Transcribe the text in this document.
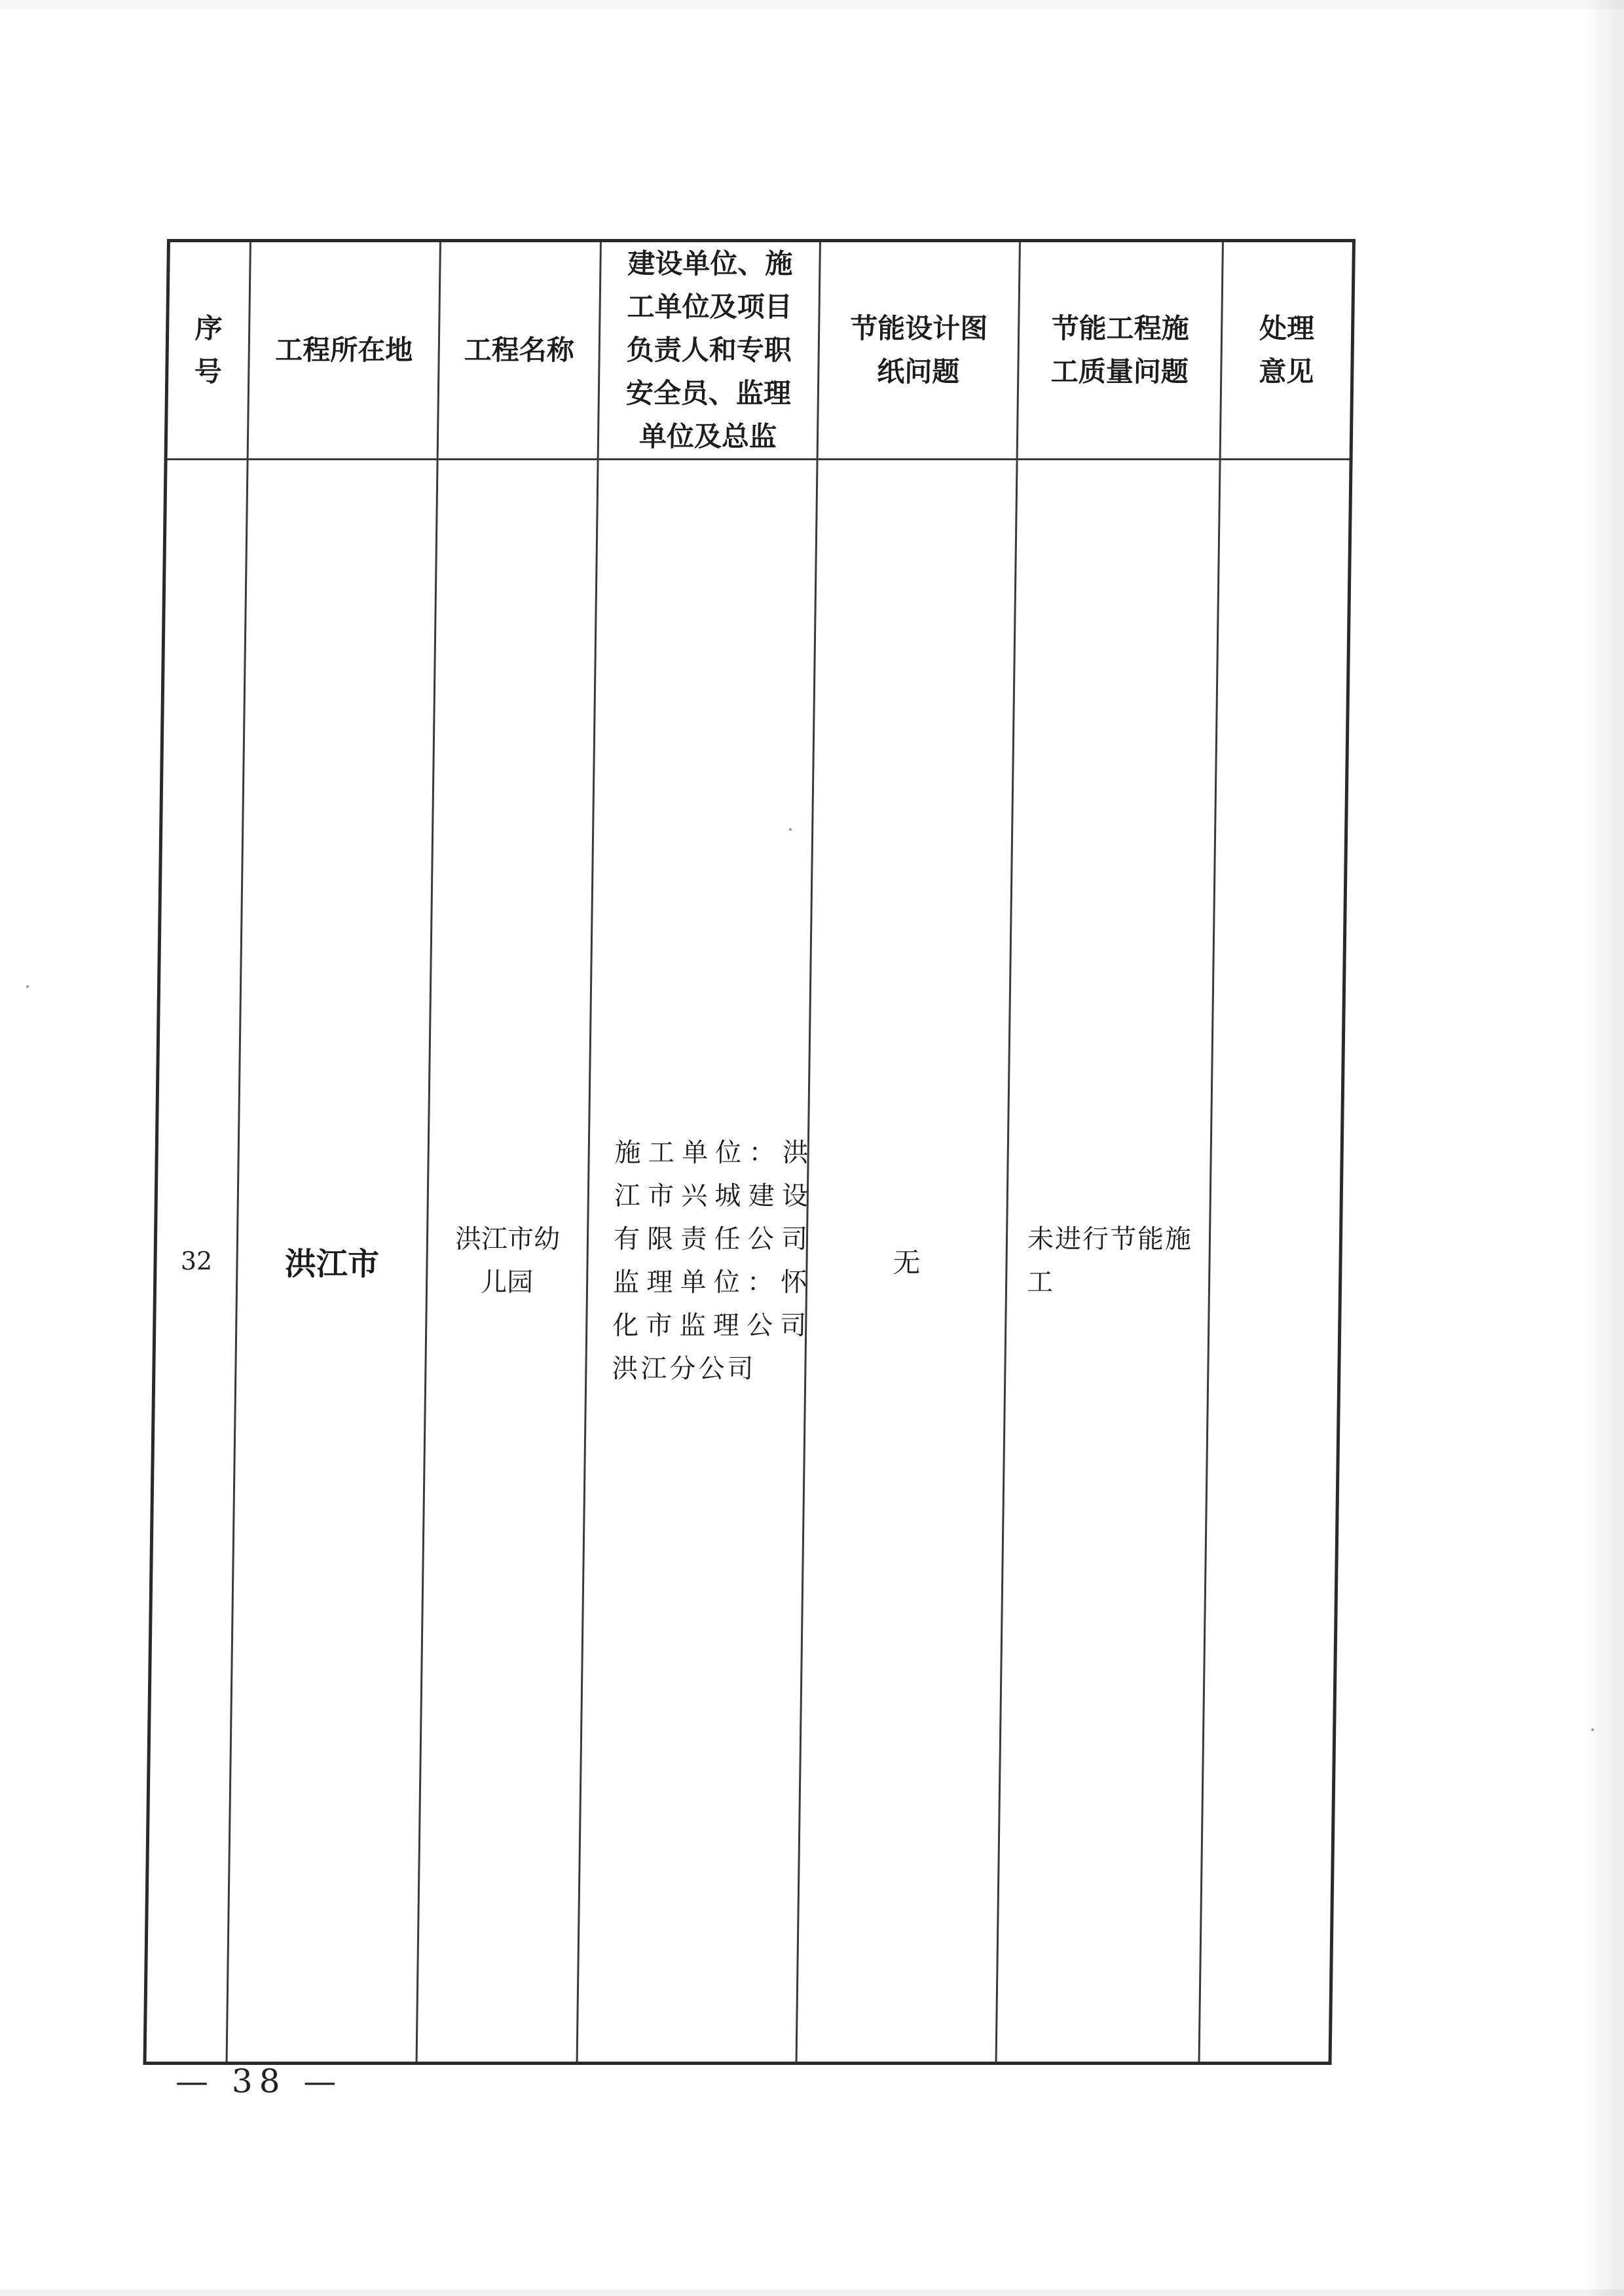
序号	工程所在地	工程名称	建设单位、施工单位及项目负责人和专职安全员、监理单位及总监	节能设计图纸问题	节能工程施工质量问题	处理意见

32	洪江市	洪江市幼儿园	施工单位：洪江市兴城建设有限责任公司监理单位：怀化市监理公司洪江分公司	无	未进行节能施工	

— 38 —
